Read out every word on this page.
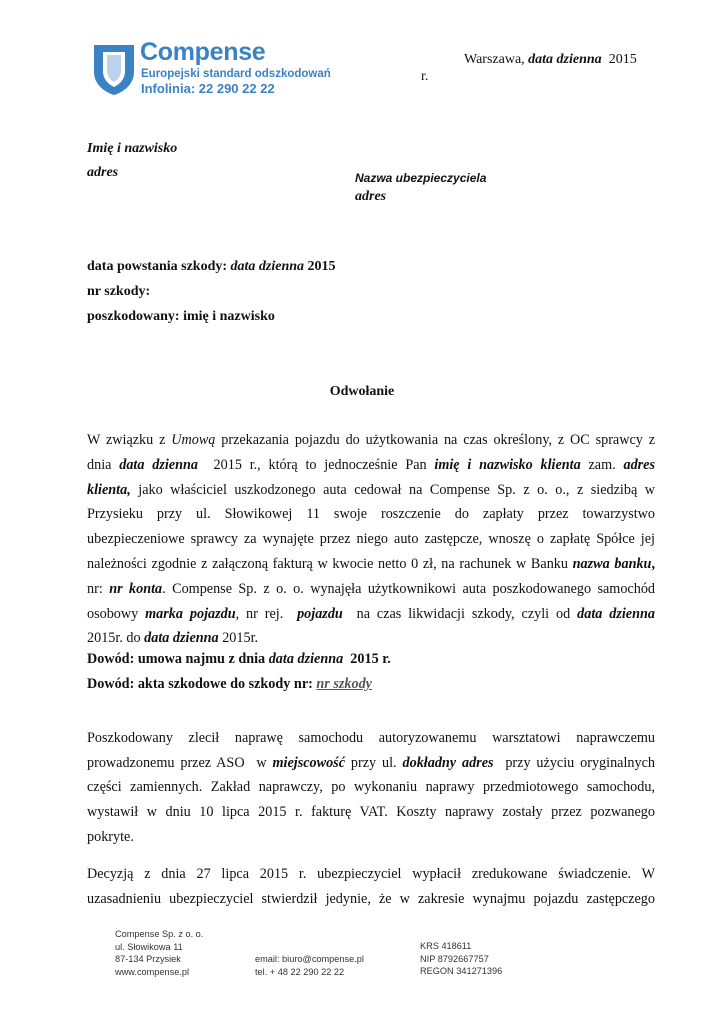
Compense
Europejski standard odszkodowań
Infolinia: 22 290 22 22
Warszawa, data dzienna 2015
r.
Imię i nazwisko
adres	Nazwa ubezpieczyciela
adres
data powstania szkody: data dzienna 2015
nr szkody:
poszkodowany: imię i nazwisko
Odwołanie
W związku z Umową przekazania pojazdu do użytkowania na czas określony, z OC sprawcy z
dnia data dzienna  2015 r., którą to jednocześnie Pan imię i nazwisko klienta zam. adres
klienta, jako właściciel uszkodzonego auta cedował na Compense Sp. z o. o., z siedzibą w
Przysieku przy ul. Słowikowej 11 swoje roszczenie do zapłaty przez towarzystwo
ubezpieczeniowe sprawcy za wynajęte przez niego auto zastępcze, wnoszę o zapłatę Spółce jej
należności zgodnie z załączoną fakturą w kwocie netto 0 zł, na rachunek w Banku nazwa banku,
nr: nr konta. Compense Sp. z o. o. wynajęła użytkownikowi auta poszkodowanego samochód
osobowy marka pojazdu, nr rej.  pojazdu  na czas likwidacji szkody, czyli od data dzienna
2015r. do data dzienna 2015r.
Dowód: umowa najmu z dnia data dzienna  2015 r.
Dowód: akta szkodowe do szkody nr: nr szkody
Poszkodowany zlecił naprawę samochodu autoryzowanemu warsztatowi naprawczemu
prowadzonemu przez ASO  w miejscowość przy ul. dokładny adres  przy użyciu oryginalnych
części zamiennych. Zakład naprawczy, po wykonaniu naprawy przedmiotowego samochodu,
wystawił w dniu 10 lipca 2015 r. fakturę VAT. Koszty naprawy zostały przez pozwanego
pokryte.
Decyzją z dnia 27 lipca 2015 r. ubezpieczyciel wypłacił zredukowane świadczenie. W
uzasadnieniu ubezpieczyciel stwierdził jedynie, że w zakresie wynajmu pojazdu zastępczego
Compense Sp. z o. o.
ul. Słowikowa 11
87-134 Przysiek
www.compense.pl
email: biuro@compense.pl
tel. + 48 22 290 22 22
KRS 418611
NIP 8792667757
REGON 341271396
